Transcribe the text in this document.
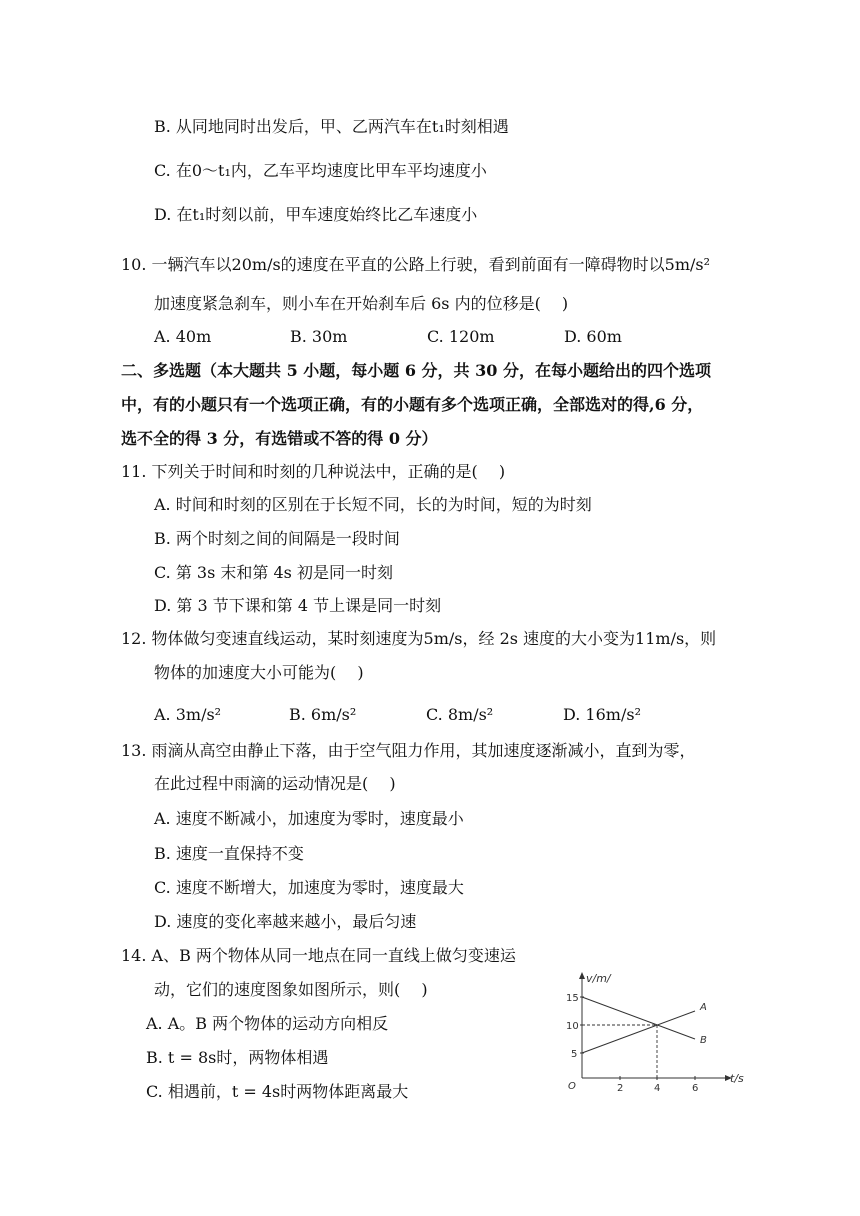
B. 从同地同时出发后，甲、乙两汽车在t₁时刻相遇
C. 在0～t₁内，乙车平均速度比甲车平均速度小
D. 在t₁时刻以前，甲车速度始终比乙车速度小
10. 一辆汽车以20m/s的速度在平直的公路上行驶，看到前面有一障碍物时以5m/s²
加速度紧急刹车，则小车在开始刹车后 6s 内的位移是(　 )
A. 40m	B. 30m	C. 120m	D. 60m
二、多选题（本大题共 5 小题，每小题 6 分，共 30 分，在每小题给出的四个选项
中，有的小题只有一个选项正确，有的小题有多个选项正确，全部选对的得,6 分，
选不全的得 3 分，有选错或不答的得 0 分）
11. 下列关于时间和时刻的几种说法中，正确的是(　 )
A. 时间和时刻的区别在于长短不同，长的为时间，短的为时刻
B. 两个时刻之间的间隔是一段时间
C. 第 3s 末和第 4s 初是同一时刻
D. 第 3 节下课和第 4 节上课是同一时刻
12. 物体做匀变速直线运动，某时刻速度为5m/s，经 2s 速度的大小变为11m/s，则
物体的加速度大小可能为(　 )
A. 3m/s²	B. 6m/s²	C. 8m/s²	D. 16m/s²
13. 雨滴从高空由静止下落，由于空气阻力作用，其加速度逐渐减小，直到为零，
在此过程中雨滴的运动情况是(　 )
A. 速度不断减小，加速度为零时，速度最小
B. 速度一直保持不变
C. 速度不断增大，加速度为零时，速度最大
D. 速度的变化率越来越小，最后匀速
14. A、B 两个物体从同一地点在同一直线上做匀变速运
动，它们的速度图象如图所示，则(　 )
A. A。B 两个物体的运动方向相反
B. t = 8s时，两物体相遇
C. 相遇前，t = 4s时两物体距离最大
v/m/
t/s
O
15
10
5
2	4	6
A
B
